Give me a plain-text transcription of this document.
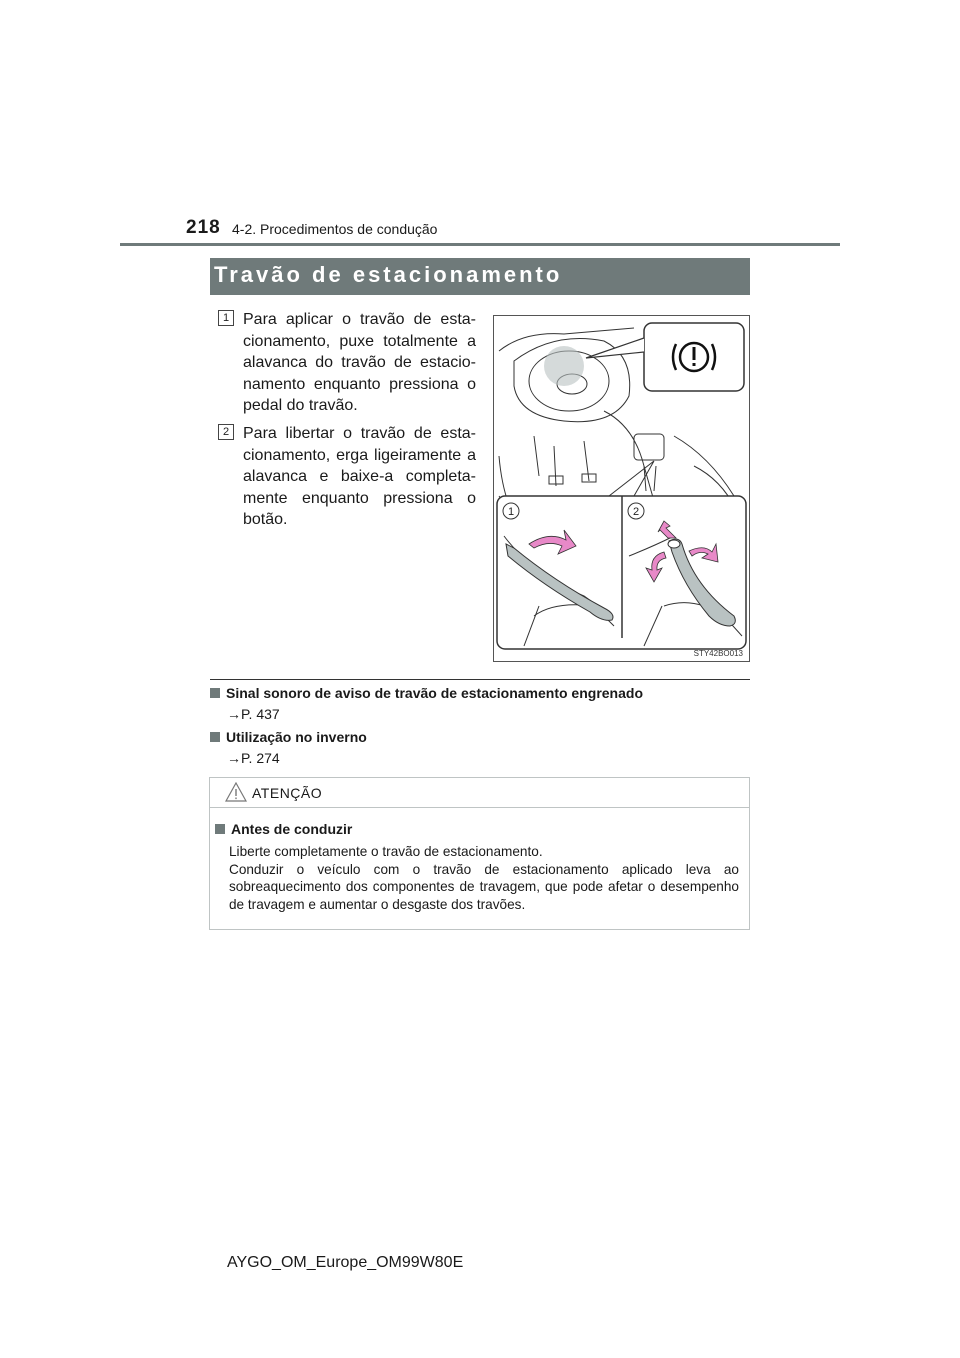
218 4-2. Procedimentos de condução
Travão de estacionamento
1 Para aplicar o travão de esta-cionamento, puxe totalmente a alavanca do travão de estacio-namento enquanto pressiona o pedal do travão.
2 Para libertar o travão de esta-cionamento, erga ligeiramente a alavanca e baixe-a completa-mente enquanto pressiona o botão.	1	2
STY42BO013
Sinal sonoro de aviso de travão de estacionamento engrenado
→P. 437
Utilização no inverno
→P. 274
ATENÇÃO
Antes de conduzir

Liberte completamente o travão de estacionamento.

Conduzir o veículo com o travão de estacionamento aplicado leva ao sobreaquecimento dos componentes de travagem, que pode afetar o desempenho de travagem e aumentar o desgaste dos travões.

AYGO_OM_Europe_OM99W80E
